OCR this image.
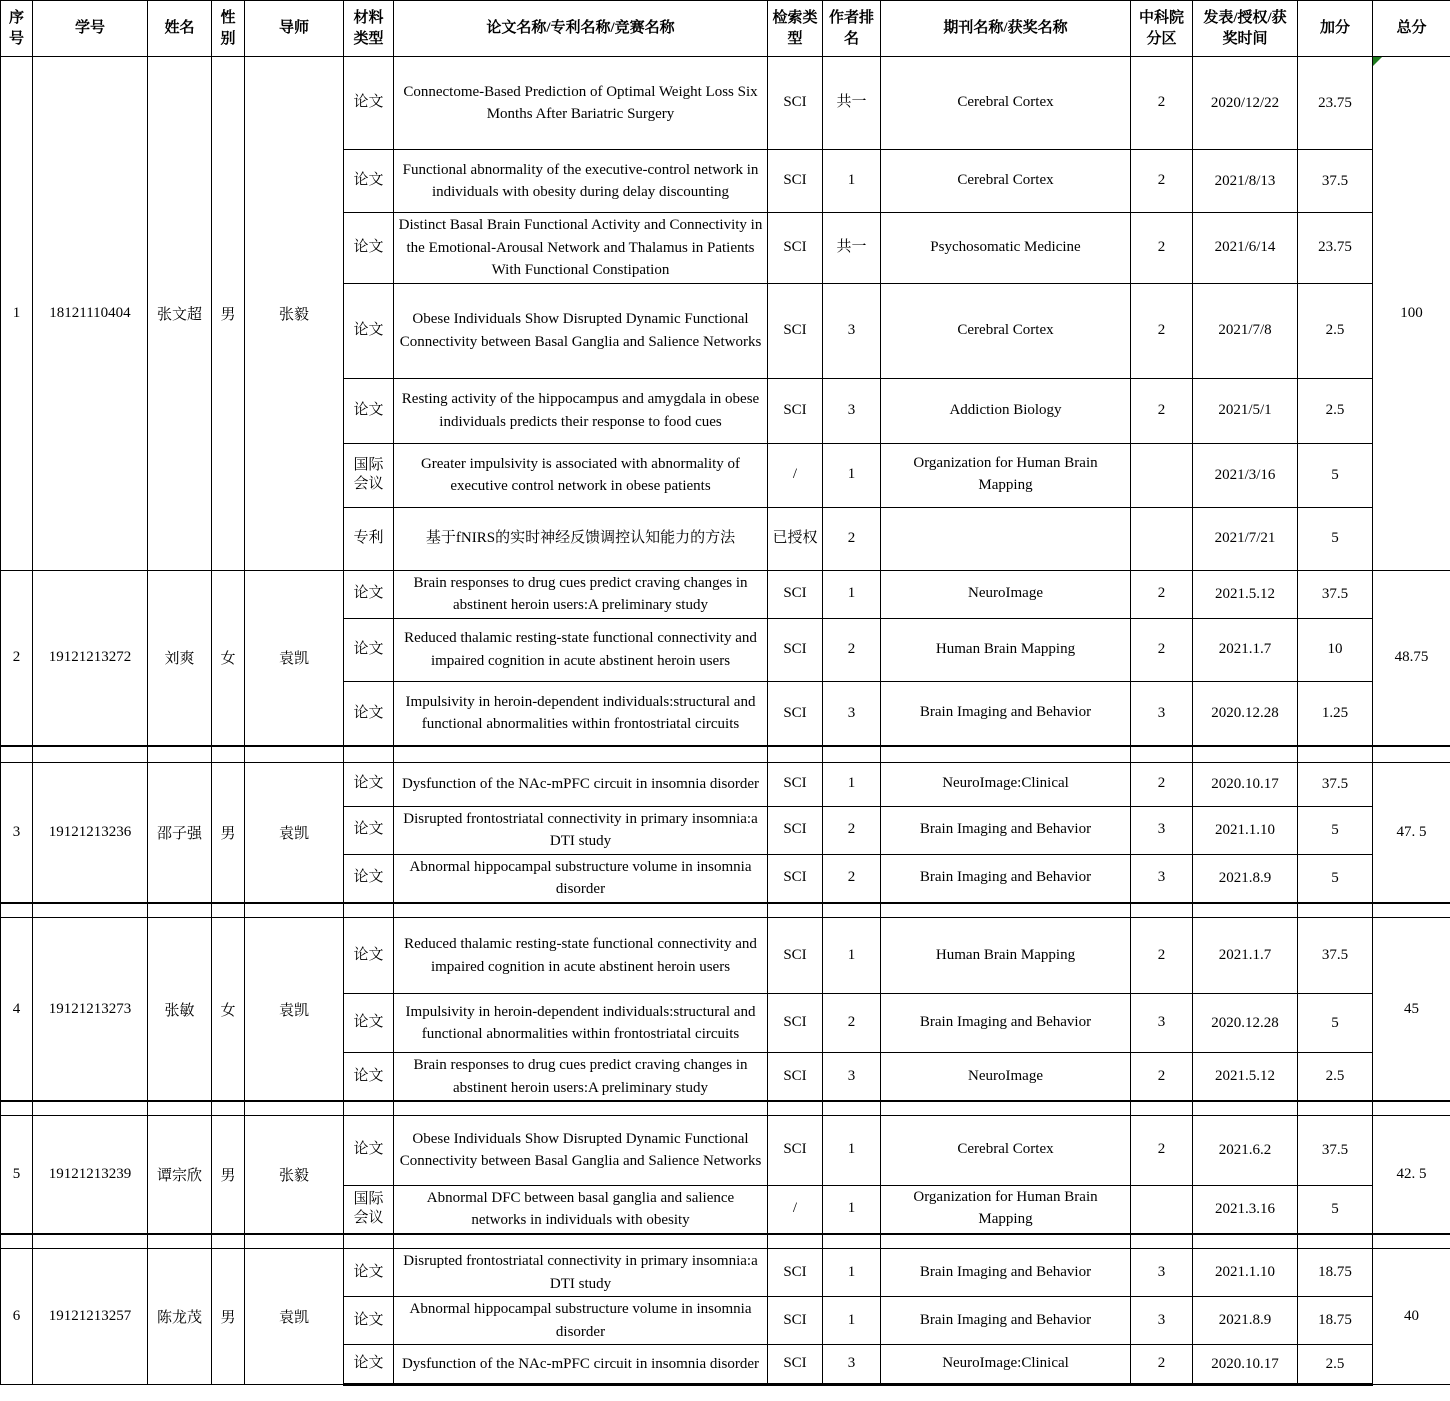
序号	学号	姓名	性别	导师	材料类型	论文名称/专利名称/竞赛名称	检索类型	作者排名	期刊名称/获奖名称	中科院分区	发表/授权/获奖时间	加分	总分
1	18121110404	张文超	男	张毅	论文	Connectome-Based Prediction of Optimal Weight Loss Six Months After Bariatric Surgery	SCI	共一	Cerebral Cortex	2	2020/12/22	23.75	100

					论文	Functional abnormality of the executive-control network in individuals with obesity during delay discounting	SCI	1	Cerebral Cortex	2	2021/8/13	37.5	
					论文	Distinct Basal Brain Functional Activity and Connectivity in the Emotional-Arousal Network and Thalamus in Patients With Functional Constipation	SCI	共一	Psychosomatic Medicine	2	2021/6/14	23.75	
					论文	Obese Individuals Show Disrupted Dynamic Functional Connectivity between Basal Ganglia and Salience Networks	SCI	3	Cerebral Cortex	2	2021/7/8	2.5	
					论文	Resting activity of the hippocampus and amygdala in obese individuals predicts their response to food cues	SCI	3	Addiction Biology	2	2021/5/1	2.5	
					国际会议	Greater impulsivity is associated with abnormality of executive control network in obese patients	/	1	Organization for Human Brain Mapping		2021/3/16	5	
					专利	基于fNIRS的实时神经反馈调控认知能力的方法	已授权	2			2021/7/21	5	
2	19121213272	刘爽	女	袁凯	论文	Brain responses to drug cues predict craving changes in abstinent heroin users:A preliminary study	SCI	1	NeuroImage	2	2021.5.12	37.5	48.75
					论文	Reduced thalamic resting-state functional connectivity and impaired cognition in acute abstinent heroin users	SCI	2	Human Brain Mapping	2	2021.1.7	10	
					论文	Impulsivity in heroin-dependent individuals:structural and functional abnormalities within frontostriatal circuits	SCI	3	Brain Imaging and Behavior	3	2020.12.28	1.25	

3	19121213236	邵子强	男	袁凯	论文	Dysfunction of the NAc-mPFC circuit in insomnia disorder	SCI	1	NeuroImage:Clinical	2	2020.10.17	37.5	47. 5
					论文	Disrupted frontostriatal connectivity in primary insomnia:a DTI study	SCI	2	Brain Imaging and Behavior	3	2021.1.10	5	
					论文	Abnormal hippocampal substructure volume in insomnia disorder	SCI	2	Brain Imaging and Behavior	3	2021.8.9	5	

4	19121213273	张敏	女	袁凯	论文	Reduced thalamic resting-state functional connectivity and impaired cognition in acute abstinent heroin users	SCI	1	Human Brain Mapping	2	2021.1.7	37.5	45
					论文	Impulsivity in heroin-dependent individuals:structural and functional abnormalities within frontostriatal circuits	SCI	2	Brain Imaging and Behavior	3	2020.12.28	5	
					论文	Brain responses to drug cues predict craving changes in abstinent heroin users:A preliminary study	SCI	3	NeuroImage	2	2021.5.12	2.5	

5	19121213239	谭宗欣	男	张毅	论文	Obese Individuals Show Disrupted Dynamic Functional Connectivity between Basal Ganglia and Salience Networks	SCI	1	Cerebral Cortex	2	2021.6.2	37.5	42. 5
					国际会议	Abnormal DFC between basal ganglia and salience networks in individuals with obesity	/	1	Organization for Human Brain Mapping		2021.3.16	5	

6	19121213257	陈龙茂	男	袁凯	论文	Disrupted frontostriatal connectivity in primary insomnia:a DTI study	SCI	1	Brain Imaging and Behavior	3	2021.1.10	18.75	40
					论文	Abnormal hippocampal substructure volume in insomnia disorder	SCI	1	Brain Imaging and Behavior	3	2021.8.9	18.75	
					论文	Dysfunction of the NAc-mPFC circuit in insomnia disorder	SCI	3	NeuroImage:Clinical	2	2020.10.17	2.5	
